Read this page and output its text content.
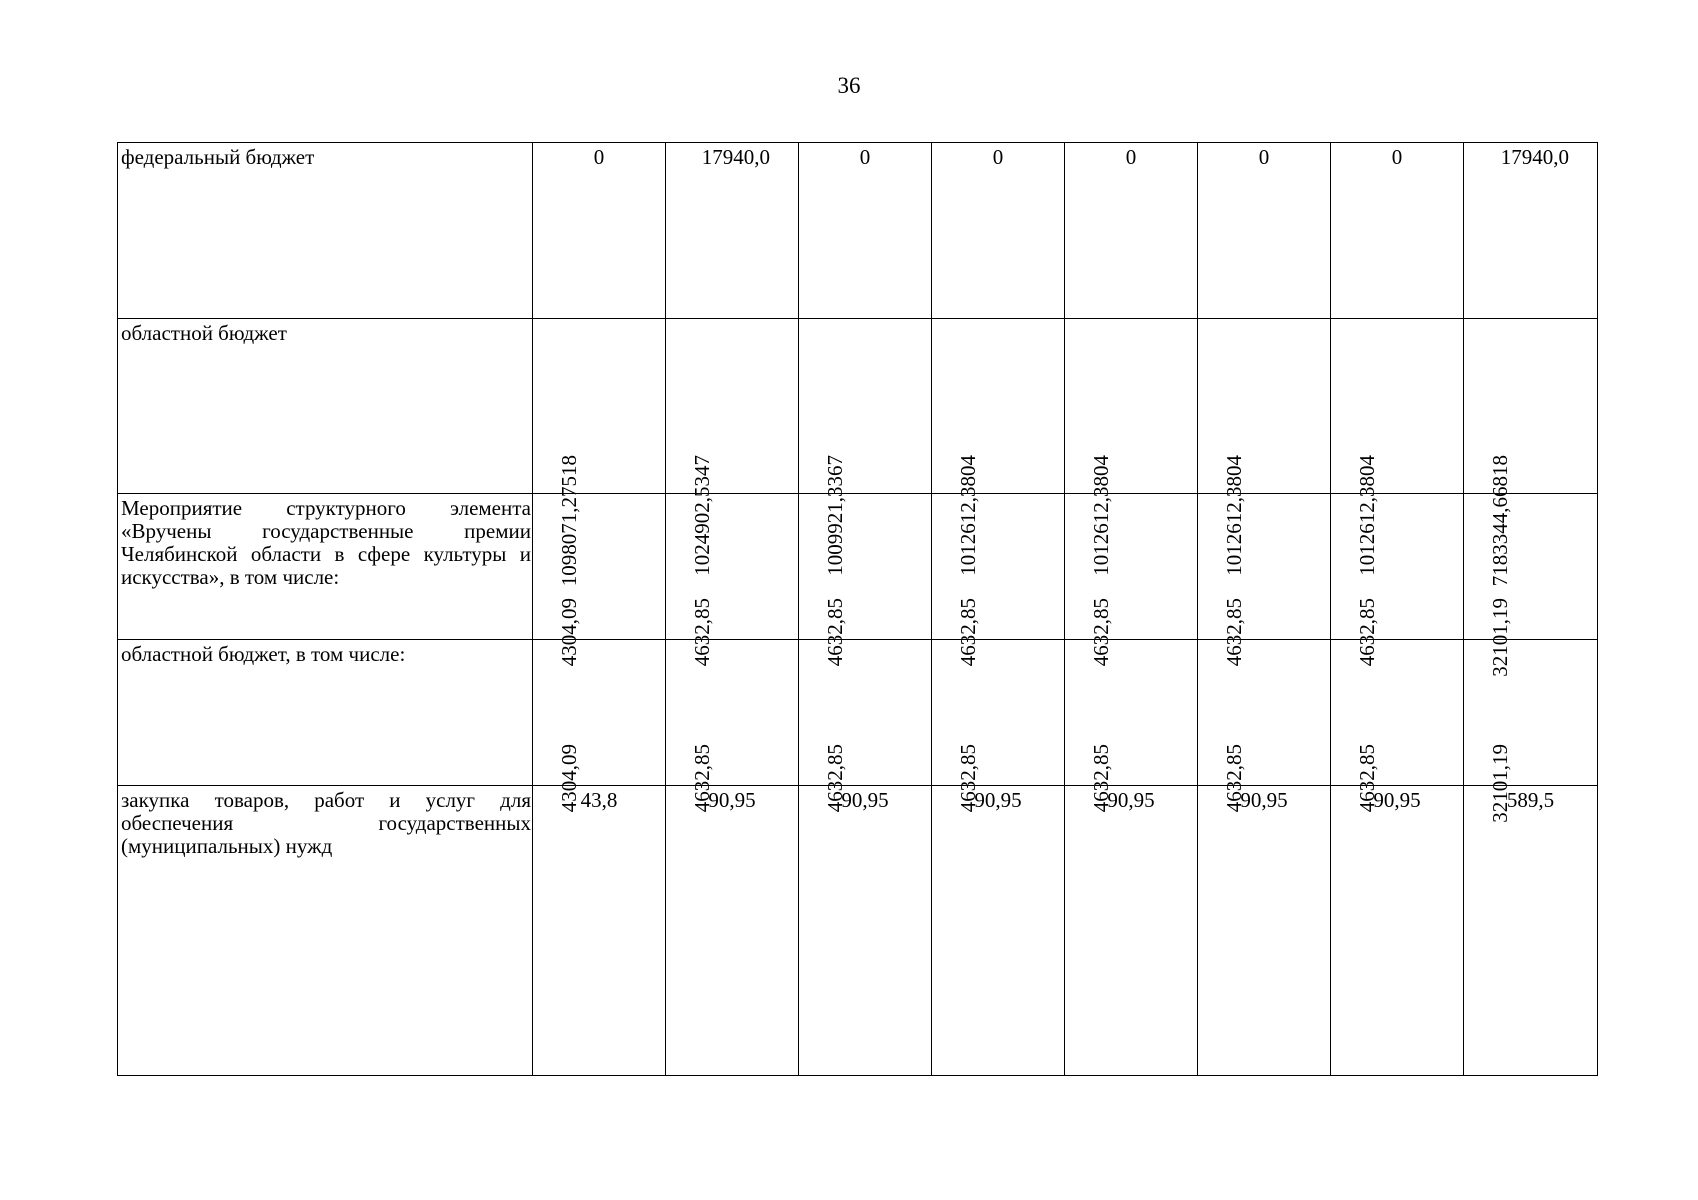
36
федеральный бюджет	0	17940,0	0	0	0	0	0	17940,0
областной бюджет	1098071,27518	1024902,5347	1009921,3367	1012612,3804	1012612,3804	1012612,3804	1012612,3804	7183344,66818

Мероприятие структурного элемента «Вручены государственные премии Челябинской области в сфере культуры и искусства», в том числе:	4304,09	4632,85	4632,85	4632,85	4632,85	4632,85	4632,85	32101,19

областной бюджет, в том числе:	4304,09	4632,85	4632,85	4632,85	4632,85	4632,85	4632,85	32101,19

закупка товаров, работ и услуг для обеспечения государственных (муниципальных) нужд	43,8	90,95	90,95	90,95	90,95	90,95	90,95	589,5
